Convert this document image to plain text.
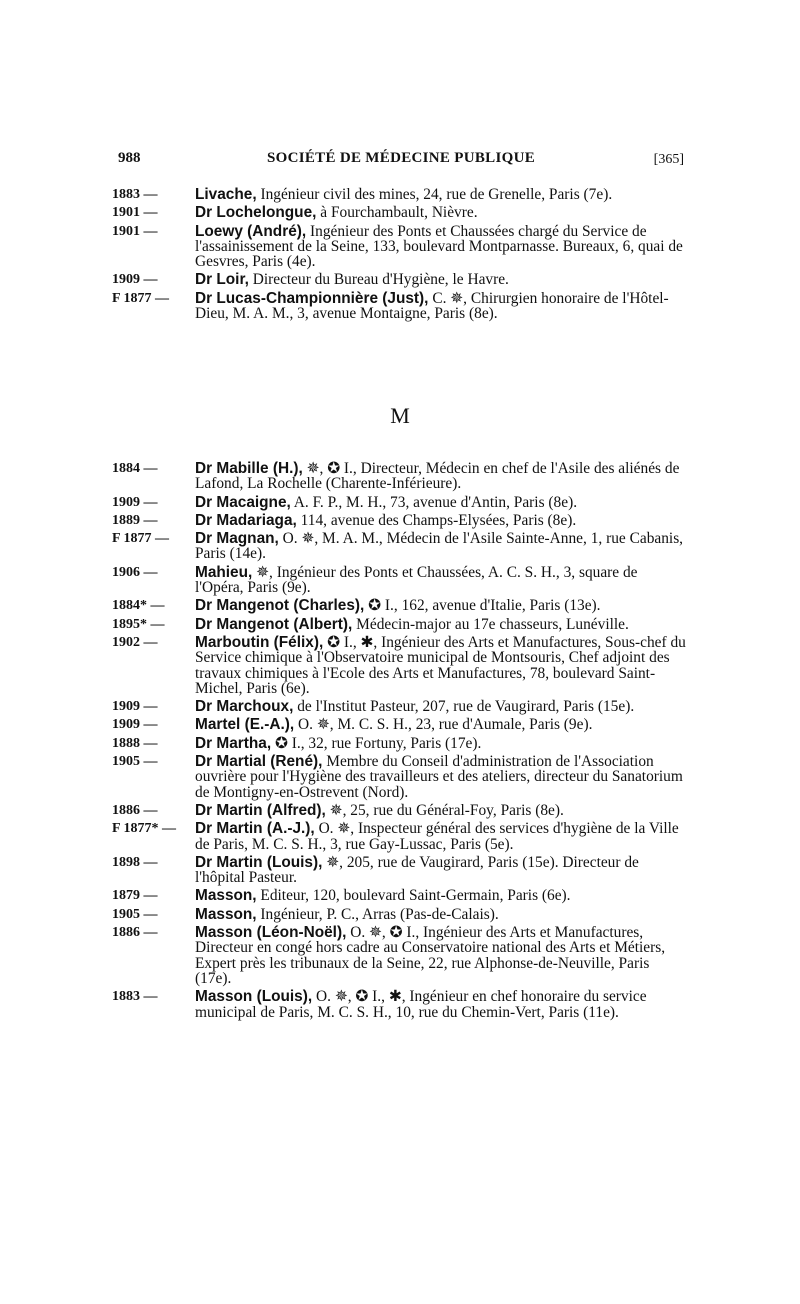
988	SOCIÉTÉ DE MÉDECINE PUBLIQUE	[365]
1883 —	Livache, Ingénieur civil des mines, 24, rue de Grenelle, Paris (7e).
1901 —	Dr Lochelongue, à Fourchambault, Nièvre.
1901 —	Loewy (André), Ingénieur des Ponts et Chaussées chargé du Service de l'assainissement de la Seine, 133, boulevard Montparnasse. Bureaux, 6, quai de Gesvres, Paris (4e).
1909 —	Dr Loir, Directeur du Bureau d'Hygiène, le Havre.
F 1877 —	Dr Lucas-Championnière (Just), C. ✵, Chirurgien honoraire de l'Hôtel-Dieu, M. A. M., 3, avenue Montaigne, Paris (8e).
M
1884 —	Dr Mabille (H.), ✵, ✪ I., Directeur, Médecin en chef de l'Asile des aliénés de Lafond, La Rochelle (Charente-Inférieure).
1909 —	Dr Macaigne, A. F. P., M. H., 73, avenue d'Antin, Paris (8e).
1889 —	Dr Madariaga, 114, avenue des Champs-Elysées, Paris (8e).
F 1877 —	Dr Magnan, O. ✵, M. A. M., Médecin de l'Asile Sainte-Anne, 1, rue Cabanis, Paris (14e).
1906 —	Mahieu, ✵, Ingénieur des Ponts et Chaussées, A. C. S. H., 3, square de l'Opéra, Paris (9e).
1884* —	Dr Mangenot (Charles), ✪ I., 162, avenue d'Italie, Paris (13e).
1895* —	Dr Mangenot (Albert), Médecin-major au 17e chasseurs, Lunéville.
1902 —	Marboutin (Félix), ✪ I., ✱, Ingénieur des Arts et Manufactures, Sous-chef du Service chimique à l'Observatoire municipal de Montsouris, Chef adjoint des travaux chimiques à l'Ecole des Arts et Manufactures, 78, boulevard Saint-Michel, Paris (6e).
1909 —	Dr Marchoux, de l'Institut Pasteur, 207, rue de Vaugirard, Paris (15e).
1909 —	Martel (E.-A.), O. ✵, M. C. S. H., 23, rue d'Aumale, Paris (9e).
1888 —	Dr Martha, ✪ I., 32, rue Fortuny, Paris (17e).
1905 —	Dr Martial (René), Membre du Conseil d'administration de l'Association ouvrière pour l'Hygiène des travailleurs et des ateliers, directeur du Sanatorium de Montigny-en-Ostrevent (Nord).
1886 —	Dr Martin (Alfred), ✵, 25, rue du Général-Foy, Paris (8e).
F 1877* —	Dr Martin (A.-J.), O. ✵, Inspecteur général des services d'hygiène de la Ville de Paris, M. C. S. H., 3, rue Gay-Lussac, Paris (5e).
1898 —	Dr Martin (Louis), ✵, 205, rue de Vaugirard, Paris (15e). Directeur de l'hôpital Pasteur.
1879 —	Masson, Editeur, 120, boulevard Saint-Germain, Paris (6e).
1905 —	Masson, Ingénieur, P. C., Arras (Pas-de-Calais).
1886 —	Masson (Léon-Noël), O. ✵, ✪ I., Ingénieur des Arts et Manufactures, Directeur en congé hors cadre au Conservatoire national des Arts et Métiers, Expert près les tribunaux de la Seine, 22, rue Alphonse-de-Neuville, Paris (17e).
1883 —	Masson (Louis), O. ✵, ✪ I., ✱, Ingénieur en chef honoraire du service municipal de Paris, M. C. S. H., 10, rue du Chemin-Vert, Paris (11e).
